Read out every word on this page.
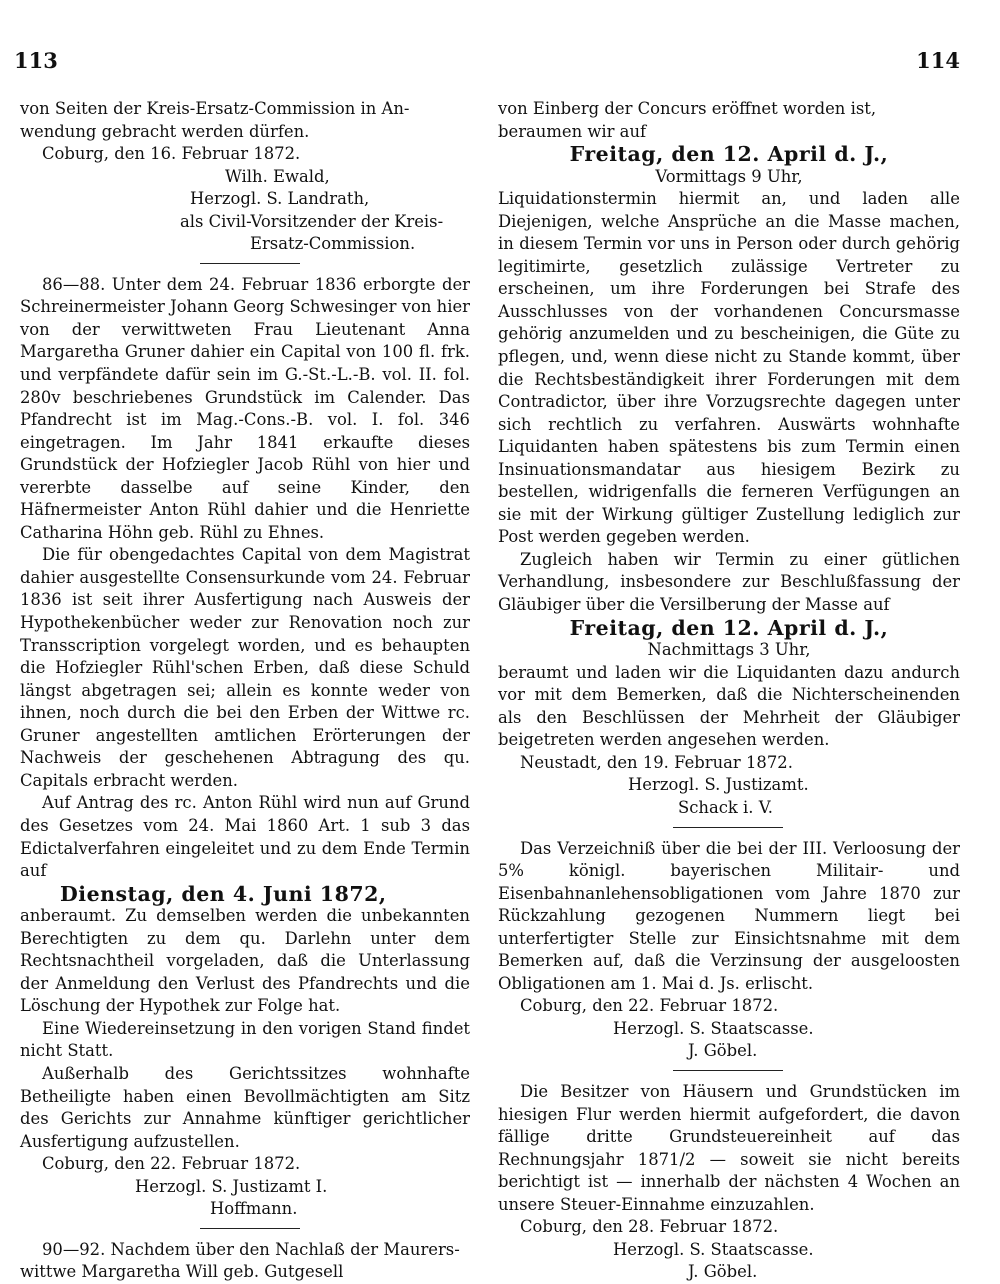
113	114
von Seiten der Kreis-Ersatz-Commission in An-
wendung gebracht werden dürfen.
Coburg, den 16. Februar 1872.
Wilh. Ewald,
Herzogl. S. Landrath,
als Civil-Vorsitzender der Kreis-
Ersatz-Commission.
86—88. Unter dem 24. Februar 1836 erborgte der Schreinermeister Johann Georg Schwesinger von hier von der verwittweten Frau Lieutenant Anna Margaretha Gruner dahier ein Capital von 100 fl. frk. und verpfändete dafür sein im G.-St.-L.-B. vol. II. fol. 280v beschriebenes Grundstück im Calender. Das Pfandrecht ist im Mag.-Cons.-B. vol. I. fol. 346 eingetragen. Im Jahr 1841 erkaufte dieses Grundstück der Hofziegler Jacob Rühl von hier und vererbte dasselbe auf seine Kinder, den Häfnermeister Anton Rühl dahier und die Henriette Catharina Höhn geb. Rühl zu Ehnes.
Die für obengedachtes Capital von dem Magistrat dahier ausgestellte Consensurkunde vom 24. Februar 1836 ist seit ihrer Ausfertigung nach Ausweis der Hypothekenbücher weder zur Renovation noch zur Transscription vorgelegt worden, und es behaupten die Hofziegler Rühl'schen Erben, daß diese Schuld längst abgetragen sei; allein es konnte weder von ihnen, noch durch die bei den Erben der Wittwe rc. Gruner angestellten amtlichen Erörterungen der Nachweis der geschehenen Abtragung des qu. Capitals erbracht werden.
Auf Antrag des rc. Anton Rühl wird nun auf Grund des Gesetzes vom 24. Mai 1860 Art. 1 sub 3 das Edictalverfahren eingeleitet und zu dem Ende Termin auf
Dienstag, den 4. Juni 1872,
anberaumt. Zu demselben werden die unbekannten Berechtigten zu dem qu. Darlehn unter dem Rechtsnachtheil vorgeladen, daß die Unterlassung der Anmeldung den Verlust des Pfandrechts und die Löschung der Hypothek zur Folge hat.
Eine Wiedereinsetzung in den vorigen Stand findet nicht Statt.
Außerhalb des Gerichtssitzes wohnhafte Betheiligte haben einen Bevollmächtigten am Sitz des Gerichts zur Annahme künftiger gerichtlicher Ausfertigung aufzustellen.
Coburg, den 22. Februar 1872.
Herzogl. S. Justizamt I.
Hoffmann.
90—92. Nachdem über den Nachlaß der Maurers-
wittwe Margaretha Will geb. Gutgesell
von Einberg der Concurs eröffnet worden ist,
beraumen wir auf
Freitag, den 12. April d. J.,
Vormittags 9 Uhr,
Liquidationstermin hiermit an, und laden alle Diejenigen, welche Ansprüche an die Masse machen, in diesem Termin vor uns in Person oder durch gehörig legitimirte, gesetzlich zulässige Vertreter zu erscheinen, um ihre Forderungen bei Strafe des Ausschlusses von der vorhandenen Concursmasse gehörig anzumelden und zu bescheinigen, die Güte zu pflegen, und, wenn diese nicht zu Stande kommt, über die Rechtsbeständigkeit ihrer Forderungen mit dem Contradictor, über ihre Vorzugsrechte dagegen unter sich rechtlich zu verfahren. Auswärts wohnhafte Liquidanten haben spätestens bis zum Termin einen Insinuationsmandatar aus hiesigem Bezirk zu bestellen, widrigenfalls die ferneren Verfügungen an sie mit der Wirkung gültiger Zustellung lediglich zur Post werden gegeben werden.
Zugleich haben wir Termin zu einer gütlichen Verhandlung, insbesondere zur Beschlußfassung der Gläubiger über die Versilberung der Masse auf
Freitag, den 12. April d. J.,
Nachmittags 3 Uhr,
beraumt und laden wir die Liquidanten dazu andurch vor mit dem Bemerken, daß die Nichterscheinenden als den Beschlüssen der Mehrheit der Gläubiger beigetreten werden angesehen werden.
Neustadt, den 19. Februar 1872.
Herzogl. S. Justizamt.
Schack i. V.
Das Verzeichniß über die bei der III. Verloosung der 5% königl. bayerischen Militair- und Eisenbahnanlehensobligationen vom Jahre 1870 zur Rückzahlung gezogenen Nummern liegt bei unterfertigter Stelle zur Einsichtsnahme mit dem Bemerken auf, daß die Verzinsung der ausgeloosten Obligationen am 1. Mai d. Js. erlischt.
Coburg, den 22. Februar 1872.
Herzogl. S. Staatscasse.
J. Göbel.
Die Besitzer von Häusern und Grundstücken im hiesigen Flur werden hiermit aufgefordert, die davon fällige dritte Grundsteuereinheit auf das Rechnungsjahr 1871/2 — soweit sie nicht bereits berichtigt ist — innerhalb der nächsten 4 Wochen an unsere Steuer-Einnahme einzuzahlen.
Coburg, den 28. Februar 1872.
Herzogl. S. Staatscasse.
J. Göbel.
